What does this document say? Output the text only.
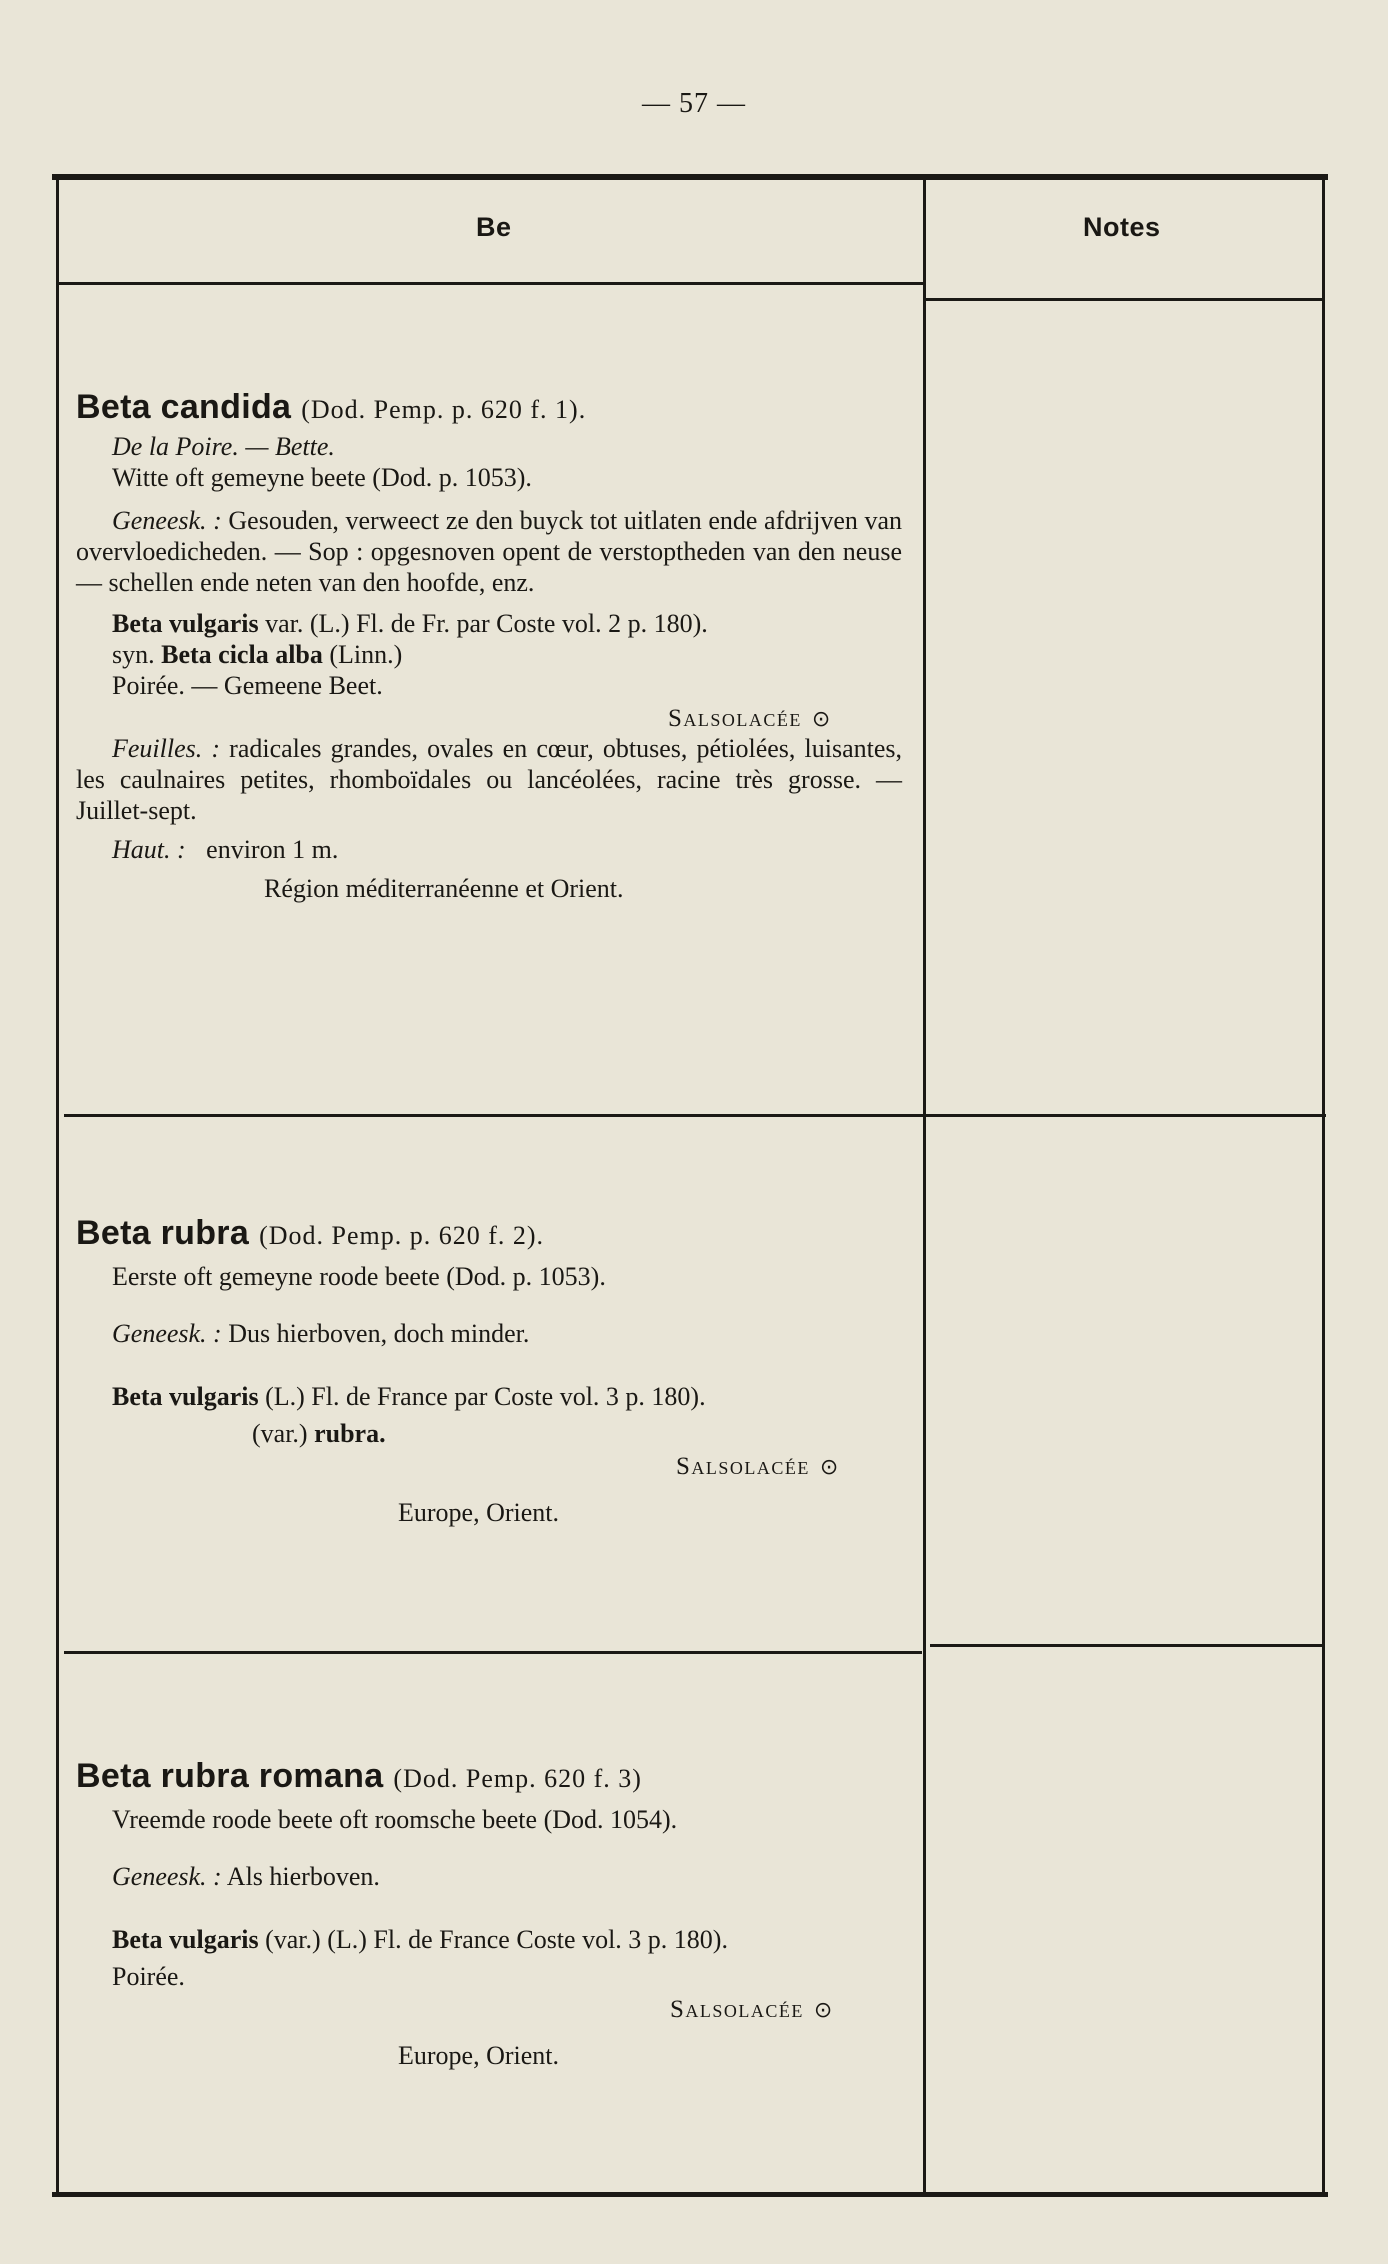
— 57 —
Be	Notes
Beta candida (Dod. Pemp. p. 620 f. 1).
De la Poire. — Bette.
Witte oft gemeyne beete (Dod. p. 1053).
Geneesk. : Gesouden, verweect ze den buyck tot uitlaten ende afdrijven van overvloedicheden. — Sop : opgesnoven opent de verstoptheden van den neuse — schellen ende neten van den hoofde, enz.
Beta vulgaris var. (L.) Fl. de Fr. par Coste vol. 2 p. 180).
syn. Beta cicla alba (Linn.)
Poirée. — Gemeene Beet.
Salsolacée ⊙
Feuilles. : radicales grandes, ovales en cœur, obtuses, pétiolées, luisantes, les caulnaires petites, rhomboïdales ou lancéolées, racine très grosse. — Juillet-sept.
Haut. : environ 1 m.
Région méditerranéenne et Orient.
Beta rubra (Dod. Pemp. p. 620 f. 2).
Eerste oft gemeyne roode beete (Dod. p. 1053).
Geneesk. : Dus hierboven, doch minder.
Beta vulgaris (L.) Fl. de France par Coste vol. 3 p. 180).
(var.) rubra.
Salsolacée ⊙
Europe, Orient.
Beta rubra romana (Dod. Pemp. 620 f. 3)
Vreemde roode beete oft roomsche beete (Dod. 1054).
Geneesk. : Als hierboven.
Beta vulgaris (var.) (L.) Fl. de France Coste vol. 3 p. 180).
Poirée.
Salsolacée ⊙
Europe, Orient.
